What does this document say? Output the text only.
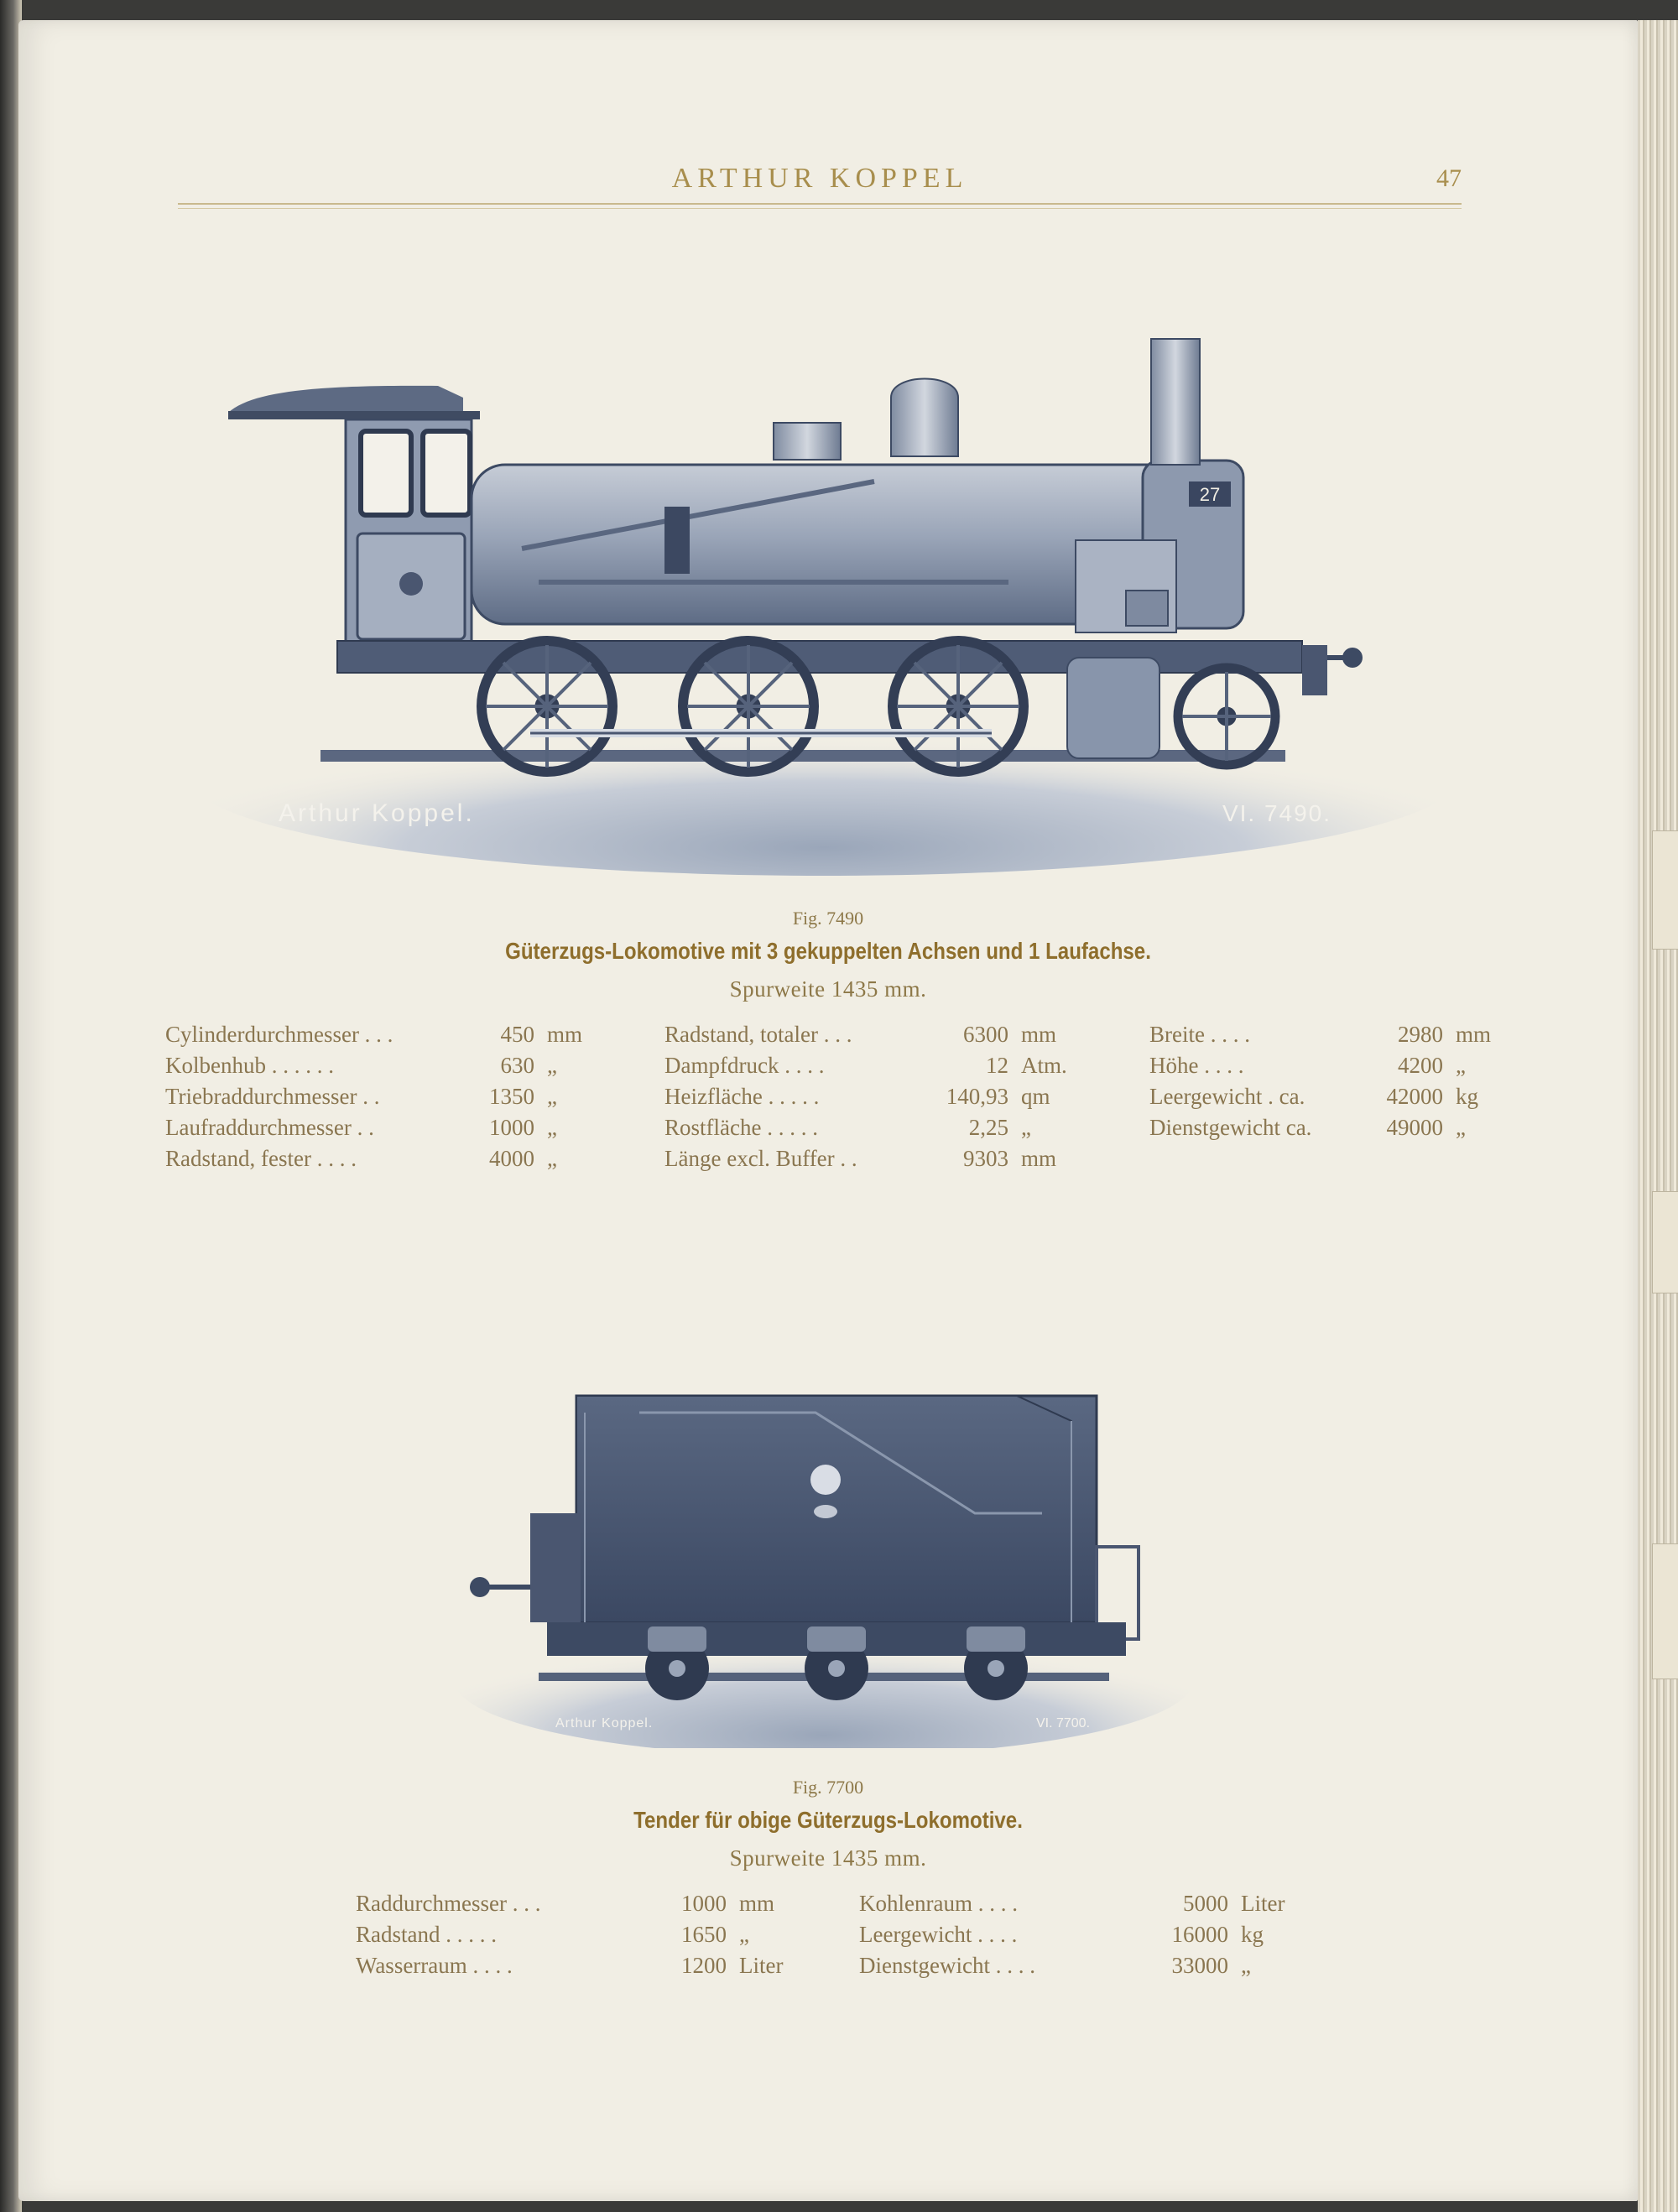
ARTHUR KOPPEL	47
27
Arthur Koppel.	VI. 7490.
Fig. 7490
Güterzugs-Lokomotive mit 3 gekuppelten Achsen und 1 Laufachse.
Spurweite 1435 mm.
Cylinderdurchmesser . . .	450 mm
Kolbenhub . . . . . .	630 „
Triebraddurchmesser . .	1350 „
Laufraddurchmesser . .	1000 „
Radstand, fester . . . .	4000 „
Radstand, totaler . . .	6300 mm
Dampfdruck . . . .	12 Atm.
Heizfläche . . . . .	140,93 qm
Rostfläche . . . . .	2,25 „
Länge excl. Buffer . .	9303 mm
Breite . . . .	2980 mm
Höhe . . . .	4200 „
Leergewicht . ca.	42000 kg
Dienstgewicht ca.	49000 „
Arthur Koppel.	VI. 7700.
Fig. 7700
Tender für obige Güterzugs-Lokomotive.
Spurweite 1435 mm.
Raddurchmesser . . .	1000 mm
Radstand . . . . .	1650 „
Wasserraum . . . .	1200 Liter
Kohlenraum . . . .	5000 Liter
Leergewicht . . . .	16000 kg
Dienstgewicht . . . .	33000 „
